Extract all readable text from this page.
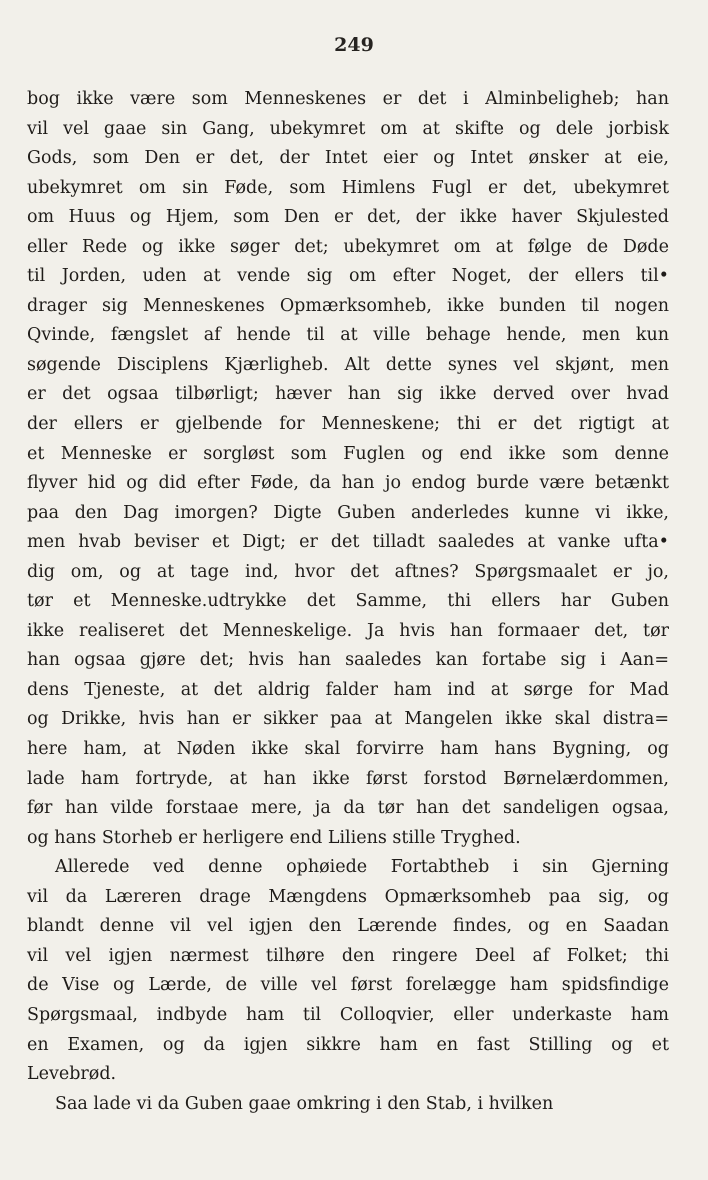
249
bog ikke være som Menneskenes er det i Alminbeligheb; han
vil vel gaae sin Gang, ubekymret om at skifte og dele jorbisk
Gods, som Den er det, der Intet eier og Intet ønsker at eie,
ubekymret om sin Føde, som Himlens Fugl er det, ubekymret
om Huus og Hjem, som Den er det, der ikke haver Skjulested
eller Rede og ikke søger det; ubekymret om at følge de Døde
til Jorden, uden at vende sig om efter Noget, der ellers til•
drager sig Menneskenes Opmærksomheb, ikke bunden til nogen
Qvinde, fængslet af hende til at ville behage hende, men kun
søgende Disciplens Kjærligheb. Alt dette synes vel skjønt, men
er det ogsaa tilbørligt; hæver han sig ikke derved over hvad
der ellers er gjelbende for Menneskene; thi er det rigtigt at
et Menneske er sorgløst som Fuglen og end ikke som denne
flyver hid og did efter Føde, da han jo endog burde være betænkt
paa den Dag imorgen? Digte Guben anderledes kunne vi ikke,
men hvab beviser et Digt; er det tilladt saaledes at vanke ufta•
dig om, og at tage ind, hvor det aftnes? Spørgsmaalet er jo,
tør et Menneske.udtrykke det Samme, thi ellers har Guben
ikke realiseret det Menneskelige. Ja hvis han formaaer det, tør
han ogsaa gjøre det; hvis han saaledes kan fortabe sig i Aan=
dens Tjeneste, at det aldrig falder ham ind at sørge for Mad
og Drikke, hvis han er sikker paa at Mangelen ikke skal distra=
here ham, at Nøden ikke skal forvirre ham hans Bygning, og
lade ham fortryde, at han ikke først forstod Børnelærdommen,
før han vilde forstaae mere, ja da tør han det sandeligen ogsaa,
og hans Storheb er herligere end Liliens stille Tryghed.
Allerede ved denne ophøiede Fortabtheb i sin Gjerning
vil da Læreren drage Mængdens Opmærksomheb paa sig, og
blandt denne vil vel igjen den Lærende findes, og en Saadan
vil vel igjen nærmest tilhøre den ringere Deel af Folket; thi
de Vise og Lærde, de ville vel først forelægge ham spidsfindige
Spørgsmaal, indbyde ham til Colloqvier, eller underkaste ham
en Examen, og da igjen sikkre ham en fast Stilling og et
Levebrød.
Saa lade vi da Guben gaae omkring i den Stab, i hvilken
